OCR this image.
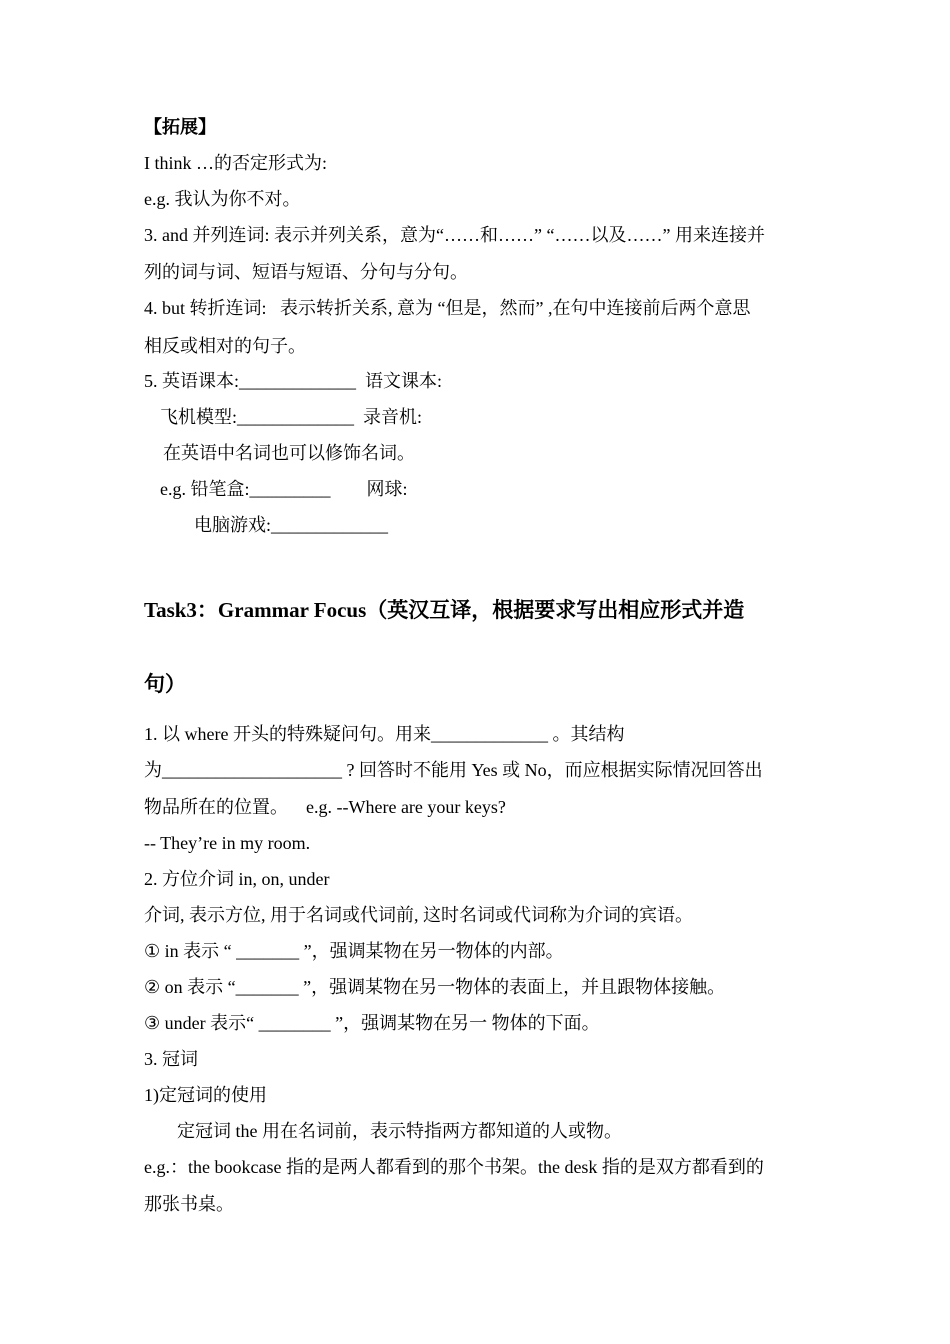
【拓展】
I think …的否定形式为:
e.g. 我认为你不对。
3. and 并列连词: 表示并列关系，意为“……和……” “……以及……” 用来连接并
列的词与词、短语与短语、分句与分句。
4. but 转折连词:   表示转折关系, 意为 “但是，然而” ,在句中连接前后两个意思
相反或相对的句子。
5. 英语课本:_____________  语文课本:
飞机模型:_____________  录音机:
在英语中名词也可以修饰名词。
e.g. 铅笔盒:_________        网球:
电脑游戏:_____________
Task3：Grammar Focus（英汉互译，根据要求写出相应形式并造
句）
1. 以 where 开头的特殊疑问句。用来_____________ 。其结构
为____________________ ? 回答时不能用 Yes 或 No，而应根据实际情况回答出
物品所在的位置。    e.g. --Where are your keys?
-- They’re in my room.
2. 方位介词 in, on, under
介词, 表示方位, 用于名词或代词前, 这时名词或代词称为介词的宾语。
① in 表示 “ _______ ”，强调某物在另一物体的内部。
② on 表示 “_______ ”，强调某物在另一物体的表面上，并且跟物体接触。
③ under 表示“ ________ ”，强调某物在另一 物体的下面。
3. 冠词
1)定冠词的使用
定冠词 the 用在名词前，表示特指两方都知道的人或物。
e.g.：the bookcase 指的是两人都看到的那个书架。the desk 指的是双方都看到的
那张书桌。
